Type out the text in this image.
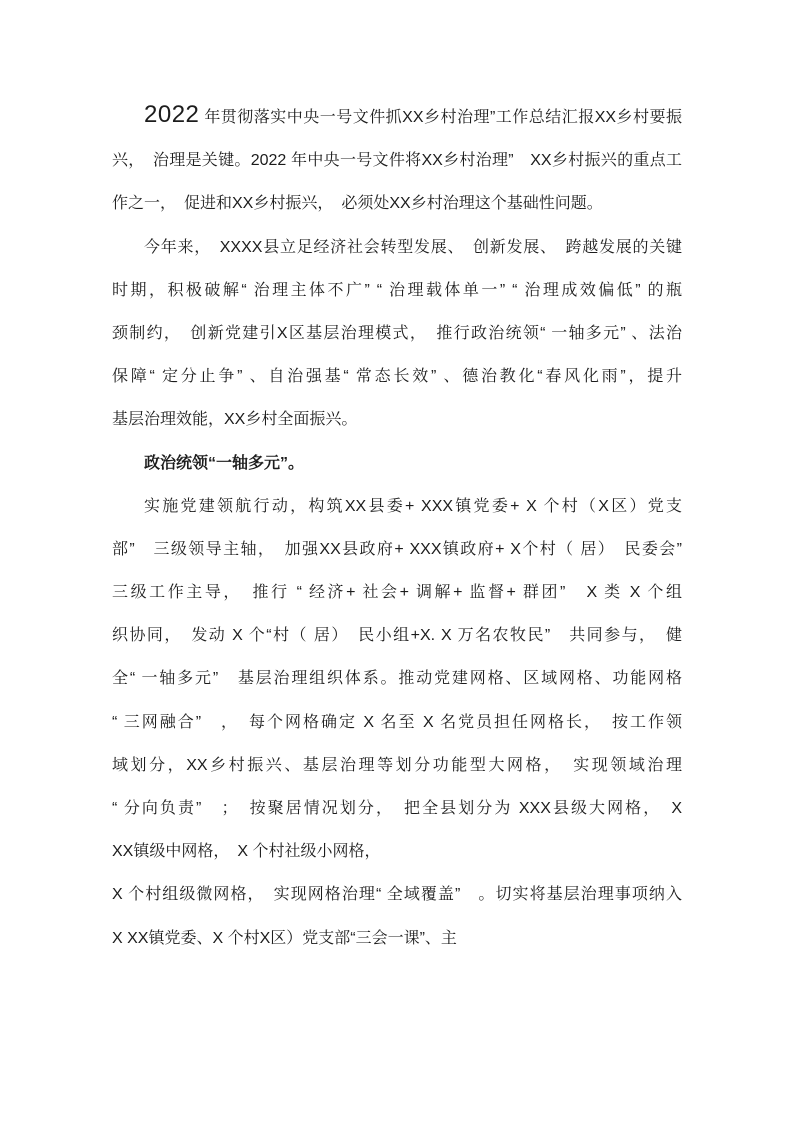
2022 年贯彻落实中央一号文件抓XX乡村治理”工作总结汇报XX乡村要振
兴，　治理是关键。2022 年中央一号文件将XX乡村治理”　XX乡村振兴的重点工
作之一，　促进和XX乡村振兴，　必须处XX乡村治理这个基础性问题。
今年来，　XXXX县立足经济社会转型发展、　创新发展、　跨越发展的关键
时期，积极破解“ 治理主体不广” “ 治理载体单一” “ 治理成效偏低” 的瓶
颈制约，　创新党建引X区基层治理模式，　推行政治统领“ 一轴多元” 、法治
保障“ 定分止争” 、自治强基“ 常态长效” 、德治教化“春风化雨”，提升
基层治理效能，XX乡村全面振兴。
政治统领“一轴多元”。
实施党建领航行动，构筑XX县委+ XXX镇党委+ X 个村（X区）党支
部”　三级领导主轴，　加强XX县政府+ XXX镇政府+ X个村（ 居）　民委会”
三级工作主导，　推行 “ 经济+ 社会+ 调解+ 监督+ 群团”　X 类 X 个组
织协同，　发动 X 个“村（ 居）　民小组+X. X 万名农牧民”　共同参与，　健
全“ 一轴多元”　基层治理组织体系。推动党建网格、区域网格、功能网格
“ 三网融合”　，　每个网格确定 X 名至 X 名党员担任网格长，　按工作领
域划分，XX乡村振兴、基层治理等划分功能型大网格，　实现领域治理
“ 分向负责”　；　按聚居情况划分，　把全县划分为 XXX县级大网格，　X
XX镇级中网格，　X 个村社级小网格，
X 个村组级微网格，　实现网格治理“ 全域覆盖”　。切实将基层治理事项纳入
X XX镇党委、X 个村X区）党支部“三会一课”、主
